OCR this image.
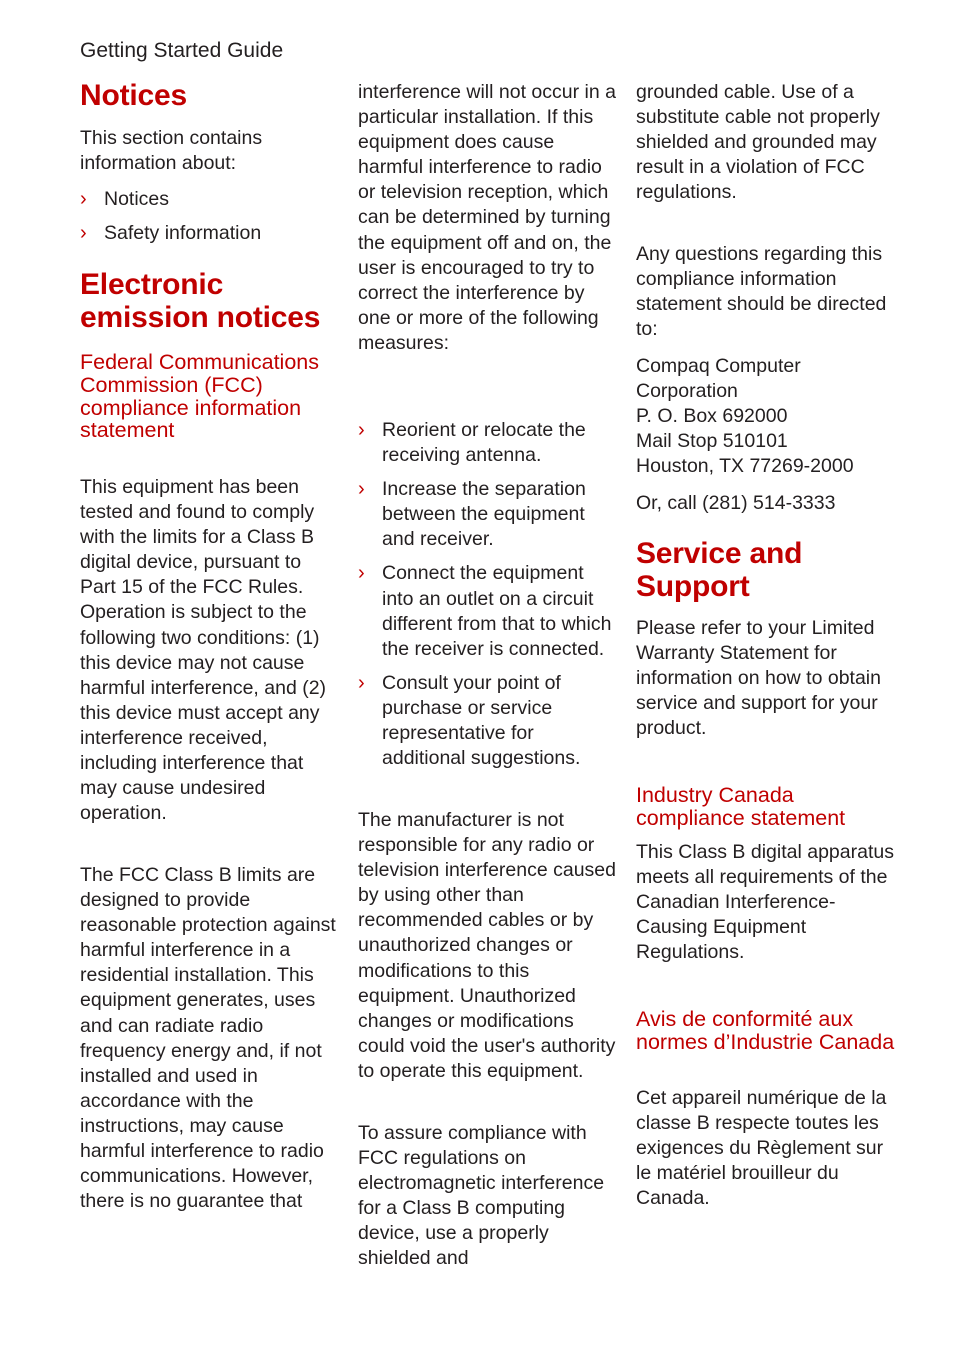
Getting Started Guide
Notices

This section contains information about:

› Notices
› Safety information
Electronic emission notices
Federal Communications Commission (FCC) compliance information statement

This equipment has been tested and found to comply with the limits for a Class B digital device, pursuant to Part 15 of the FCC Rules. Operation is subject to the following two conditions: (1) this device may not cause harmful interference, and (2) this device must accept any interference received, including interference that may cause undesired operation.

The FCC Class B limits are designed to provide reasonable protection against harmful interference in a residential installation. This equipment generates, uses and can radiate radio frequency energy and, if not installed and used in accordance with the instructions, may cause harmful interference to radio communications. However, there is no guarantee that

interference will not occur in a particular installation. If this equipment does cause harmful interference to radio or television reception, which can be determined by turning the equipment off and on, the user is encouraged to try to correct the interference by one or more of the following measures:

› Reorient or relocate the receiving antenna.
› Increase the separation between the equipment and receiver.
› Connect the equipment into an outlet on a circuit different from that to which the receiver is connected.
› Consult your point of purchase or service representative for additional suggestions.

The manufacturer is not responsible for any radio or television interference caused by using other than recommended cables or by unauthorized changes or modifications to this equipment. Unauthorized changes or modifications could void the user's authority to operate this equipment.

To assure compliance with FCC regulations on electromagnetic interference for a Class B computing device, use a properly shielded and

grounded cable. Use of a substitute cable not properly shielded and grounded may result in a violation of FCC regulations.

Any questions regarding this compliance information statement should be directed to:

Compaq Computer Corporation

P. O. Box 692000

Mail Stop 510101

Houston, TX 77269-2000

Or, call (281) 514-3333

Service and Support

Please refer to your Limited Warranty Statement for information on how to obtain service and support for your product.

Industry Canada compliance statement

This Class B digital apparatus meets all requirements of the Canadian Interference-Causing Equipment Regulations.

Avis de conformité aux normes d’Industrie Canada

Cet appareil numérique de la classe B respecte toutes les exigences du Règlement sur le matériel brouilleur du Canada.
